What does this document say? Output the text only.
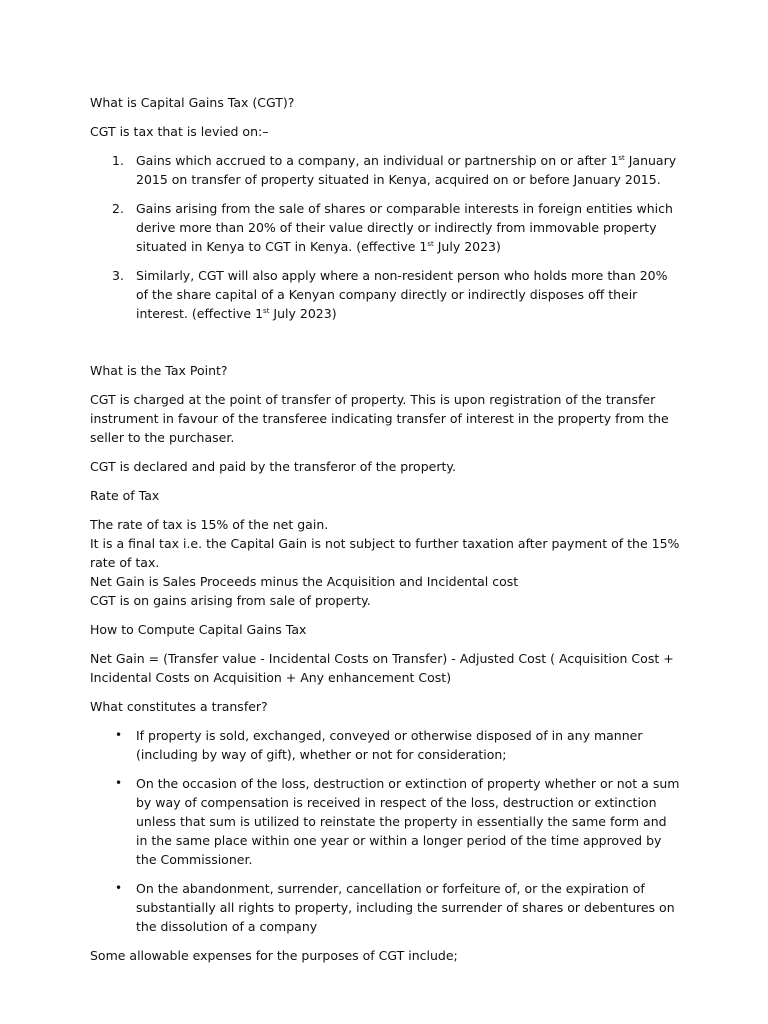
What is Capital Gains Tax (CGT)?

CGT is tax that is levied on:–

1. Gains which accrued to a company, an individual or partnership on or after 1st January 2015 on transfer of property situated in Kenya, acquired on or before January 2015.
2. Gains arising from the sale of shares or comparable interests in foreign entities which derive more than 20% of their value directly or indirectly from immovable property situated in Kenya to CGT in Kenya. (effective 1st July 2023)
3. Similarly, CGT will also apply where a non-resident person who holds more than 20% of the share capital of a Kenyan company directly or indirectly disposes off their interest. (effective 1st July 2023)

What is the Tax Point?

CGT is charged at the point of transfer of property. This is upon registration of the transfer instrument in favour of the transferee indicating transfer of interest in the property from the seller to the purchaser.

CGT is declared and paid by the transferor of the property.

Rate of Tax

The rate of tax is 15% of the net gain.

It is a final tax i.e. the Capital Gain is not subject to further taxation after payment of the 15% rate of tax.

Net Gain is Sales Proceeds minus the Acquisition and Incidental cost

CGT is on gains arising from sale of property.

How to Compute Capital Gains Tax

Net Gain = (Transfer value - Incidental Costs on Transfer) - Adjusted Cost ( Acquisition Cost + Incidental Costs on Acquisition + Any enhancement Cost)

What constitutes a transfer?

• If property is sold, exchanged, conveyed or otherwise disposed of in any manner (including by way of gift), whether or not for consideration;
• On the occasion of the loss, destruction or extinction of property whether or not a sum by way of compensation is received in respect of the loss, destruction or extinction unless that sum is utilized to reinstate the property in essentially the same form and in the same place within one year or within a longer period of the time approved by the Commissioner.
• On the abandonment, surrender, cancellation or forfeiture of, or the expiration of substantially all rights to property, including the surrender of shares or debentures on the dissolution of a company

Some allowable expenses for the purposes of CGT include;
